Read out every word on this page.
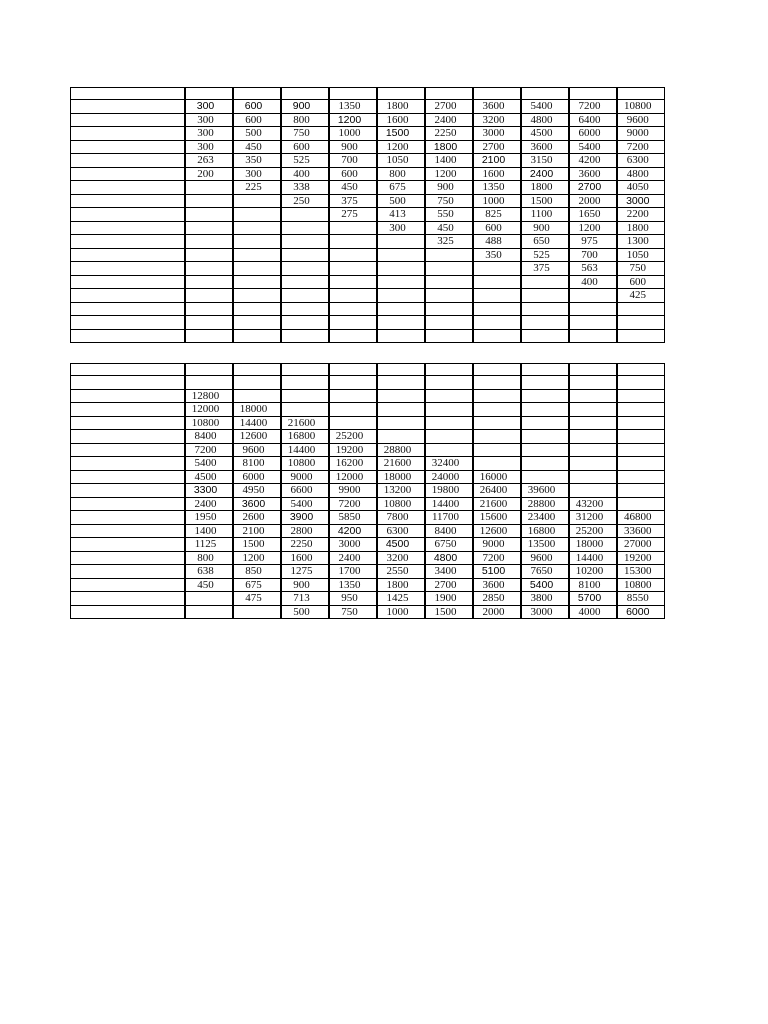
	300	600	900	1350	1800	2700	3600	5400	7200	10800
	300	600	800	1200	1600	2400	3200	4800	6400	9600
	300	500	750	1000	1500	2250	3000	4500	6000	9000
	300	450	600	900	1200	1800	2700	3600	5400	7200
	263	350	525	700	1050	1400	2100	3150	4200	6300
	200	300	400	600	800	1200	1600	2400	3600	4800
		225	338	450	675	900	1350	1800	2700	4050
			250	375	500	750	1000	1500	2000	3000
				275	413	550	825	1100	1650	2200
					300	450	600	900	1200	1800
						325	488	650	975	1300
							350	525	700	1050
								375	563	750
									400	600
										425

	12800									
	12000	18000								
	10800	14400	21600							
	8400	12600	16800	25200						
	7200	9600	14400	19200	28800					
	5400	8100	10800	16200	21600	32400				
	4500	6000	9000	12000	18000	24000	16000			
	3300	4950	6600	9900	13200	19800	26400	39600		
	2400	3600	5400	7200	10800	14400	21600	28800	43200	
	1950	2600	3900	5850	7800	11700	15600	23400	31200	46800
	1400	2100	2800	4200	6300	8400	12600	16800	25200	33600
	1125	1500	2250	3000	4500	6750	9000	13500	18000	27000
	800	1200	1600	2400	3200	4800	7200	9600	14400	19200
	638	850	1275	1700	2550	3400	5100	7650	10200	15300
	450	675	900	1350	1800	2700	3600	5400	8100	10800
		475	713	950	1425	1900	2850	3800	5700	8550
			500	750	1000	1500	2000	3000	4000	6000
